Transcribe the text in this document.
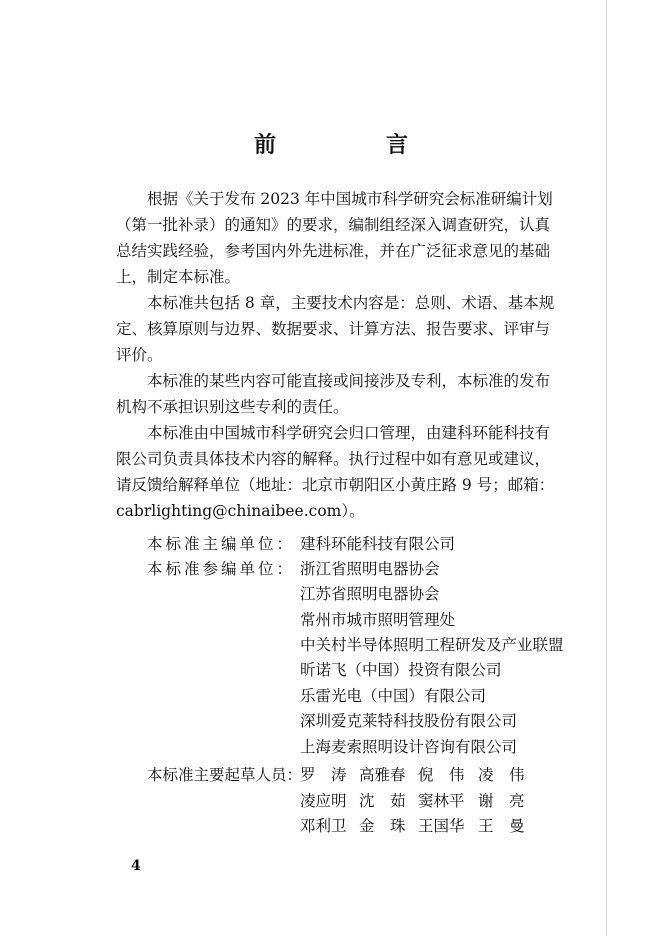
前　言

根据《关于发布 2023 年中国城市科学研究会标准研编计划
（第一批补录）的通知》的要求，编制组经深入调查研究，认真
总结实践经验，参考国内外先进标准，并在广泛征求意见的基础
上，制定本标准。

本标准共包括 8 章，主要技术内容是：总则、术语、基本规
定、核算原则与边界、数据要求、计算方法、报告要求、评审与
评价。

本标准的某些内容可能直接或间接涉及专利，本标准的发布
机构不承担识别这些专利的责任。

本标准由中国城市科学研究会归口管理，由建科环能科技有
限公司负责具体技术内容的解释。执行过程中如有意见或建议，
请反馈给解释单位（地址：北京市朝阳区小黄庄路 9 号；邮箱：
cabrlighting@chinaibee.com）。

本标准主编单位： 建科环能科技有限公司
本标准参编单位： 浙江省照明电器协会
江苏省照明电器协会
常州市城市照明管理处
中关村半导体照明工程研发及产业联盟
昕诺飞（中国）投资有限公司
乐雷光电（中国）有限公司
深圳爱克莱特科技股份有限公司
上海麦索照明设计咨询有限公司
本标准主要起草人员：
罗　涛 高雅春 倪　伟 凌　伟
凌应明 沈　茹 窦林平 谢　亮
邓利卫 金　珠 王国华 王　曼
4
